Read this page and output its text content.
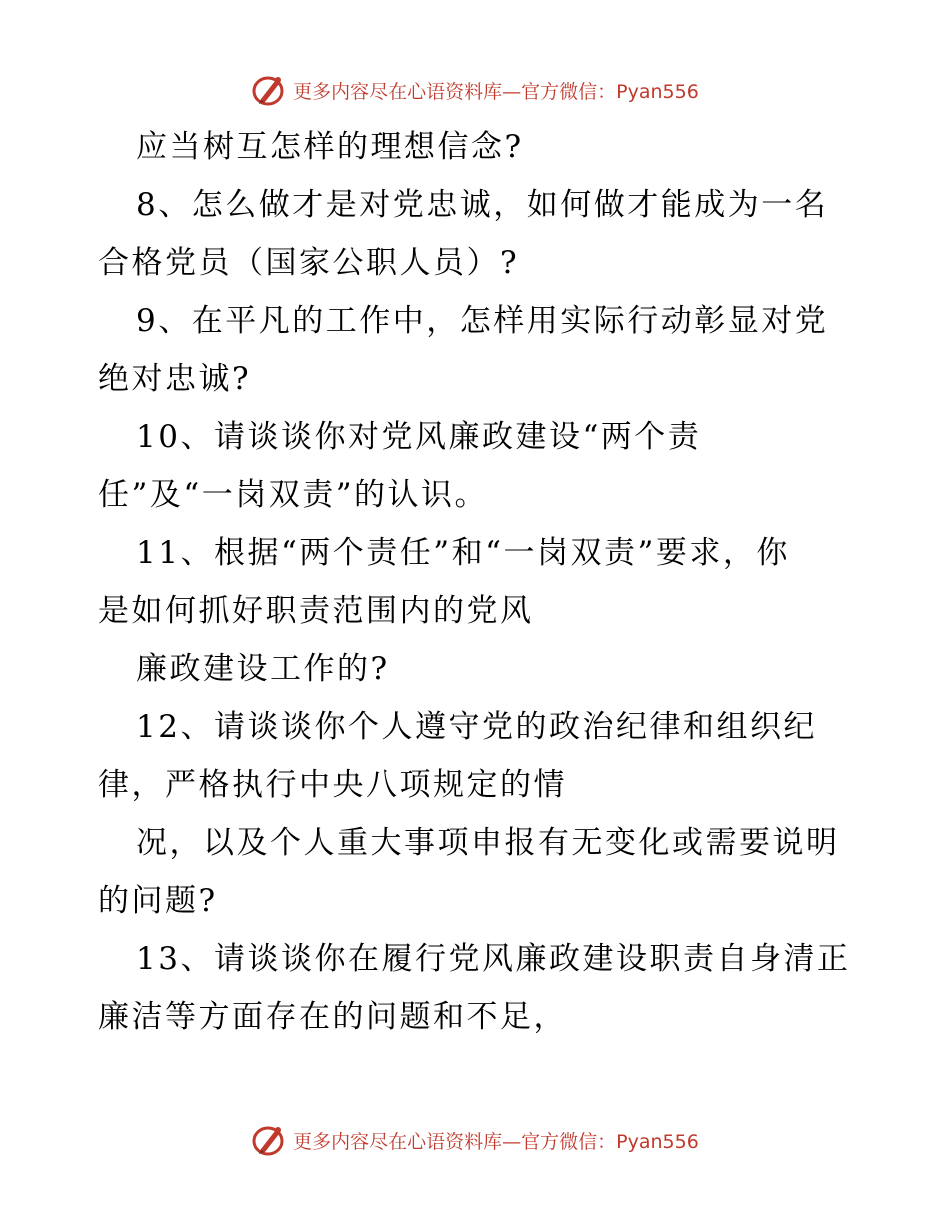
更多内容尽在心语资料库—官方微信：Pyan556
应当树互怎样的理想信念?
8、怎么做才是对党忠诚，如何做才能成为一名
合格党员（国家公职人员）?
9、在平凡的工作中，怎样用实际行动彰显对党
绝对忠诚?
10、请谈谈你对党风廉政建设“两个责
任”及“一岗双责”的认识。
11、根据“两个责任”和“一岗双责”要求，你
是如何抓好职责范围内的党风
廉政建设工作的?
12、请谈谈你个人遵守党的政治纪律和组织纪
律，严格执行中央八项规定的情
况，以及个人重大事项申报有无变化或需要说明
的问题?
13、请谈谈你在履行党风廉政建设职责自身清正
廉洁等方面存在的问题和不足，
更多内容尽在心语资料库—官方微信：Pyan556
